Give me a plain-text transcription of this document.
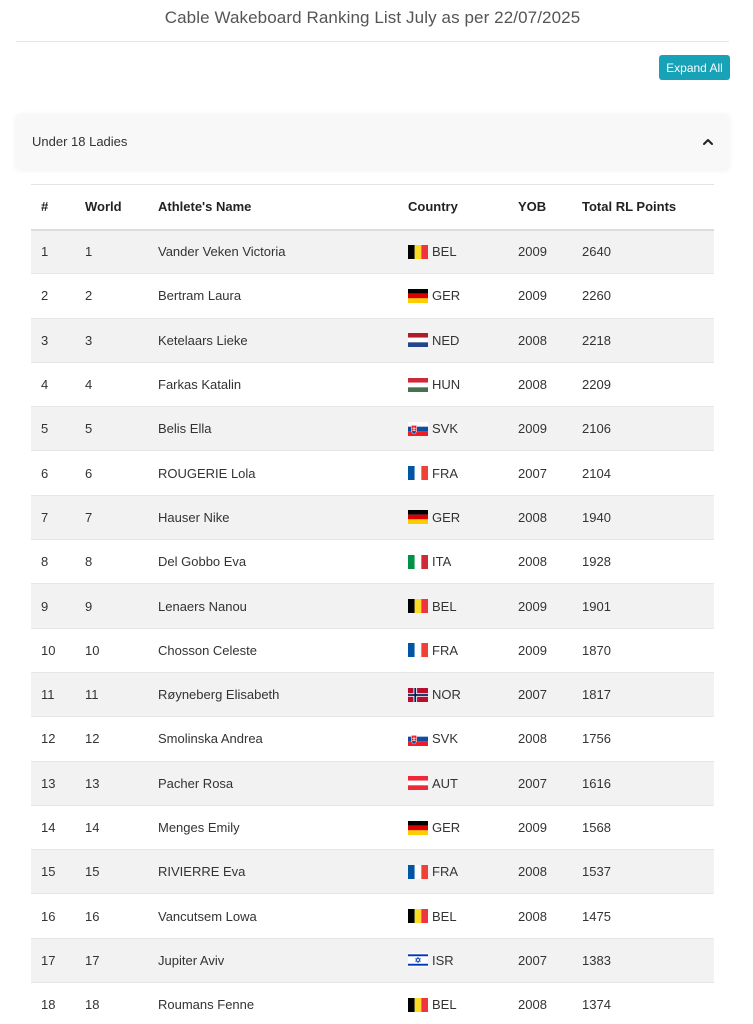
Cable Wakeboard Ranking List July as per 22/07/2025
Expand All
Under 18 Ladies
#	World	Athlete's Name	Country	YOB	Total RL Points
1	1	Vander Veken Victoria	BEL	2009	2640
2	2	Bertram Laura	GER	2009	2260
3	3	Ketelaars Lieke	NED	2008	2218
4	4	Farkas Katalin	HUN	2008	2209
5	5	Belis Ella	SVK	2009	2106
6	6	ROUGERIE Lola	FRA	2007	2104
7	7	Hauser Nike	GER	2008	1940
8	8	Del Gobbo Eva	ITA	2008	1928
9	9	Lenaers Nanou	BEL	2009	1901
10	10	Chosson Celeste	FRA	2009	1870
11	11	Røyneberg Elisabeth	NOR	2007	1817
12	12	Smolinska Andrea	SVK	2008	1756
13	13	Pacher Rosa	AUT	2007	1616
14	14	Menges Emily	GER	2009	1568
15	15	RIVIERRE Eva	FRA	2008	1537
16	16	Vancutsem Lowa	BEL	2008	1475
17	17	Jupiter Aviv	ISR	2007	1383
18	18	Roumans Fenne	BEL	2008	1374
